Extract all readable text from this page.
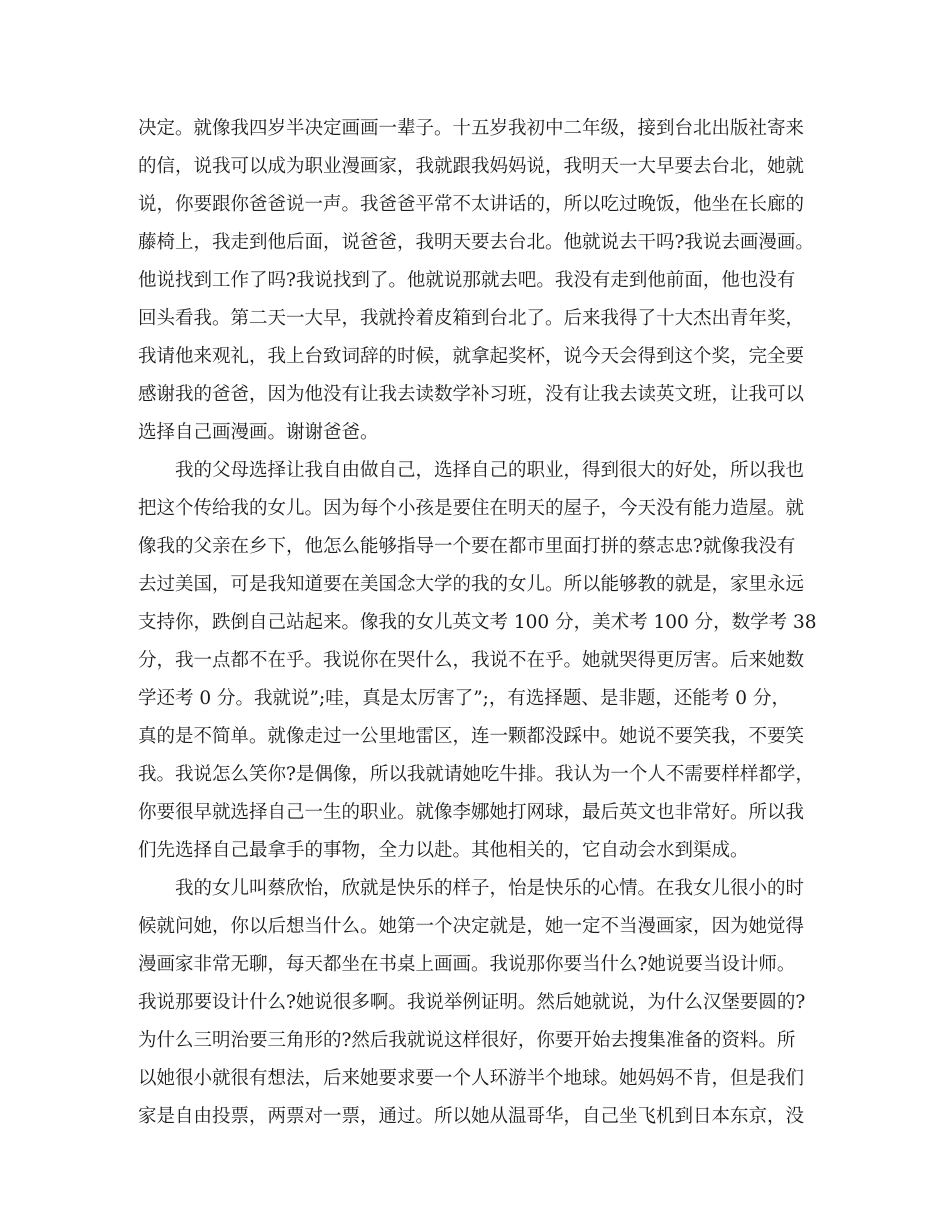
决定。就像我四岁半决定画画一辈子。十五岁我初中二年级，接到台北出版社寄来
的信，说我可以成为职业漫画家，我就跟我妈妈说，我明天一大早要去台北，她就
说，你要跟你爸爸说一声。我爸爸平常不太讲话的，所以吃过晚饭，他坐在长廊的
藤椅上，我走到他后面，说爸爸，我明天要去台北。他就说去干吗?我说去画漫画。
他说找到工作了吗?我说找到了。他就说那就去吧。我没有走到他前面，他也没有
回头看我。第二天一大早，我就拎着皮箱到台北了。后来我得了十大杰出青年奖，
我请他来观礼，我上台致词辞的时候，就拿起奖杯，说今天会得到这个奖，完全要
感谢我的爸爸，因为他没有让我去读数学补习班，没有让我去读英文班，让我可以
选择自己画漫画。谢谢爸爸。
我的父母选择让我自由做自己，选择自己的职业，得到很大的好处，所以我也
把这个传给我的女儿。因为每个小孩是要住在明天的屋子，今天没有能力造屋。就
像我的父亲在乡下，他怎么能够指导一个要在都市里面打拼的蔡志忠?就像我没有
去过美国，可是我知道要在美国念大学的我的女儿。所以能够教的就是，家里永远
支持你，跌倒自己站起来。像我的女儿英文考 100 分，美术考 100 分，数学考 38
分，我一点都不在乎。我说你在哭什么，我说不在乎。她就哭得更厉害。后来她数
学还考 0 分。我就说”;哇，真是太厉害了”;，有选择题、是非题，还能考 0 分，
真的是不简单。就像走过一公里地雷区，连一颗都没踩中。她说不要笑我，不要笑
我。我说怎么笑你?是偶像，所以我就请她吃牛排。我认为一个人不需要样样都学，
你要很早就选择自己一生的职业。就像李娜她打网球，最后英文也非常好。所以我
们先选择自己最拿手的事物，全力以赴。其他相关的，它自动会水到渠成。
我的女儿叫蔡欣怡，欣就是快乐的样子，怡是快乐的心情。在我女儿很小的时
候就问她，你以后想当什么。她第一个决定就是，她一定不当漫画家，因为她觉得
漫画家非常无聊，每天都坐在书桌上画画。我说那你要当什么?她说要当设计师。
我说那要设计什么?她说很多啊。我说举例证明。然后她就说，为什么汉堡要圆的?
为什么三明治要三角形的?然后我就说这样很好，你要开始去搜集准备的资料。所
以她很小就很有想法，后来她要求要一个人环游半个地球。她妈妈不肯，但是我们
家是自由投票，两票对一票，通过。所以她从温哥华，自己坐飞机到日本东京，没
